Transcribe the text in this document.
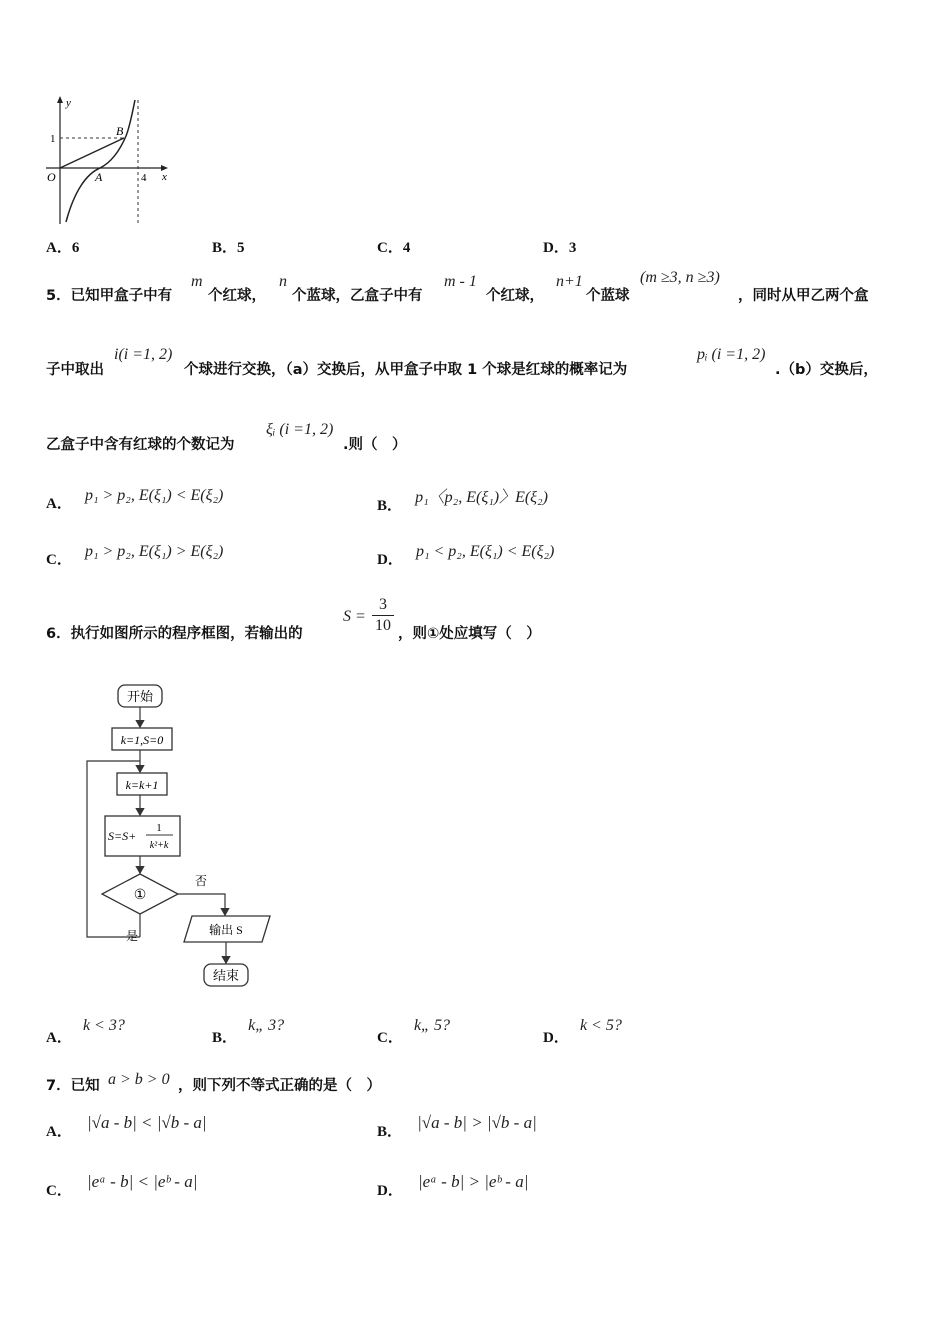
y
x
O
1
4
A
B
A．6	B．5	C．4	D．3
5．已知甲盒子中有
m
个红球，
n
个蓝球，乙盒子中有
m - 1
个红球，
n+1
个蓝球
(m ≥3, n ≥3)
，同时从甲乙两个盒
子中取出
i(i =1, 2)
个球进行交换，（a）交换后，从甲盒子中取 1 个球是红球的概率记为
pᵢ (i =1, 2)
.（b）交换后，
乙盒子中含有红球的个数记为
ξᵢ (i =1, 2)
.则（　）
A． p₁ > p₂, E(ξ₁) < E(ξ₂)
B． p₁〈p₂, E(ξ₁)〉E(ξ₂)
C． p₁ > p₂, E(ξ₁) > E(ξ₂)	D． p₁ < p₂, E(ξ₁) < E(ξ₂)
6．执行如图所示的程序框图，若输出的
S =
3
10 ，则①处应填写（　）
开始
k=1,S=0
k=k+1
S=S+
1
k²+k
①
是
否
输出 S
结束
A． k < 3?
B． k„ 3?
C． k„ 5?
D． k < 5?
7．已知 a > b > 0 ，则下列不等式正确的是（　）
A． |√a - b| < |√b - a|	B． |√a - b| > |√b - a|
C． |eᵃ - b| < |eᵇ - a|	D． |eᵃ - b| > |eᵇ - a|
